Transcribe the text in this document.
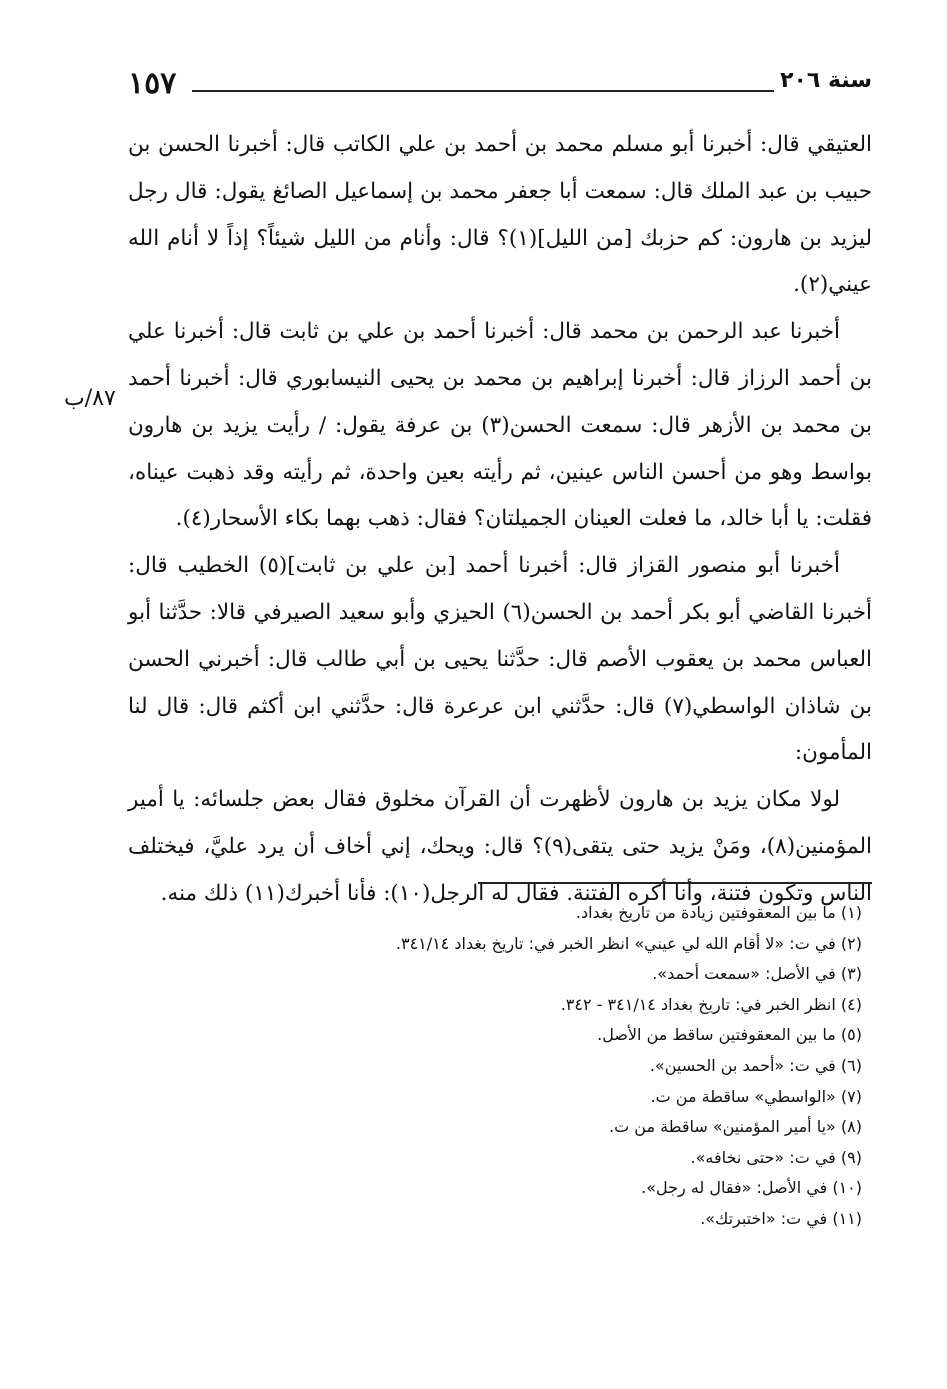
١٥٧	سنة ٢٠٦
٨٧/ب

العتيقي قال: أخبرنا أبو مسلم محمد بن أحمد بن علي الكاتب قال: أخبرنا الحسن بن حبيب بن عبد الملك قال: سمعت أبا جعفر محمد بن إسماعيل الصائغ يقول: قال رجل ليزيد بن هارون: كم حزبك [من الليل](١)؟ قال: وأنام من الليل شيئاً؟ إذاً لا أنام الله عيني(٢).

أخبرنا عبد الرحمن بن محمد قال: أخبرنا أحمد بن علي بن ثابت قال: أخبرنا علي بن أحمد الرزاز قال: أخبرنا إبراهيم بن محمد بن يحيى النيسابوري قال: أخبرنا أحمد بن محمد بن الأزهر قال: سمعت الحسن(٣) بن عرفة يقول: / رأيت يزيد بن هارون بواسط وهو من أحسن الناس عينين، ثم رأيته بعين واحدة، ثم رأيته وقد ذهبت عيناه، فقلت: يا أبا خالد، ما فعلت العينان الجميلتان؟ فقال: ذهب بهما بكاء الأسحار(٤).

أخبرنا أبو منصور القزاز قال: أخبرنا أحمد [بن علي بن ثابت](٥) الخطيب قال: أخبرنا القاضي أبو بكر أحمد بن الحسن(٦) الحيزي وأبو سعيد الصيرفي قالا: حدَّثنا أبو العباس محمد بن يعقوب الأصم قال: حدَّثنا يحيى بن أبي طالب قال: أخبرني الحسن بن شاذان الواسطي(٧) قال: حدَّثني ابن عرعرة قال: حدَّثني ابن أكثم قال: قال لنا المأمون:

لولا مكان يزيد بن هارون لأظهرت أن القرآن مخلوق فقال بعض جلسائه: يا أمير المؤمنين(٨)، ومَنْ يزيد حتى يتقى(٩)؟ قال: ويحك، إني أخاف أن يرد عليَّ، فيختلف الناس وتكون فتنة، وأنا أكره الفتنة. فقال له الرجل(١٠): فأنا أخبرك(١١) ذلك منه.

(١) ما بين المعقوفتين زيادة من تاريخ بغداد.
(٢) في ت: «لا أقام الله لي عيني» انظر الخبر في: تاريخ بغداد ٣٤١/١٤.
(٣) في الأصل: «سمعت أحمد».
(٤) انظر الخبر في: تاريخ بغداد ٣٤١/١٤ - ٣٤٢.
(٥) ما بين المعقوفتين ساقط من الأصل.
(٦) في ت: «أحمد بن الحسين».
(٧) «الواسطي» ساقطة من ت.
(٨) «يا أمير المؤمنين» ساقطة من ت.
(٩) في ت: «حتى نخافه».
(١٠) في الأصل: «فقال له رجل».
(١١) في ت: «اختبرتك».
